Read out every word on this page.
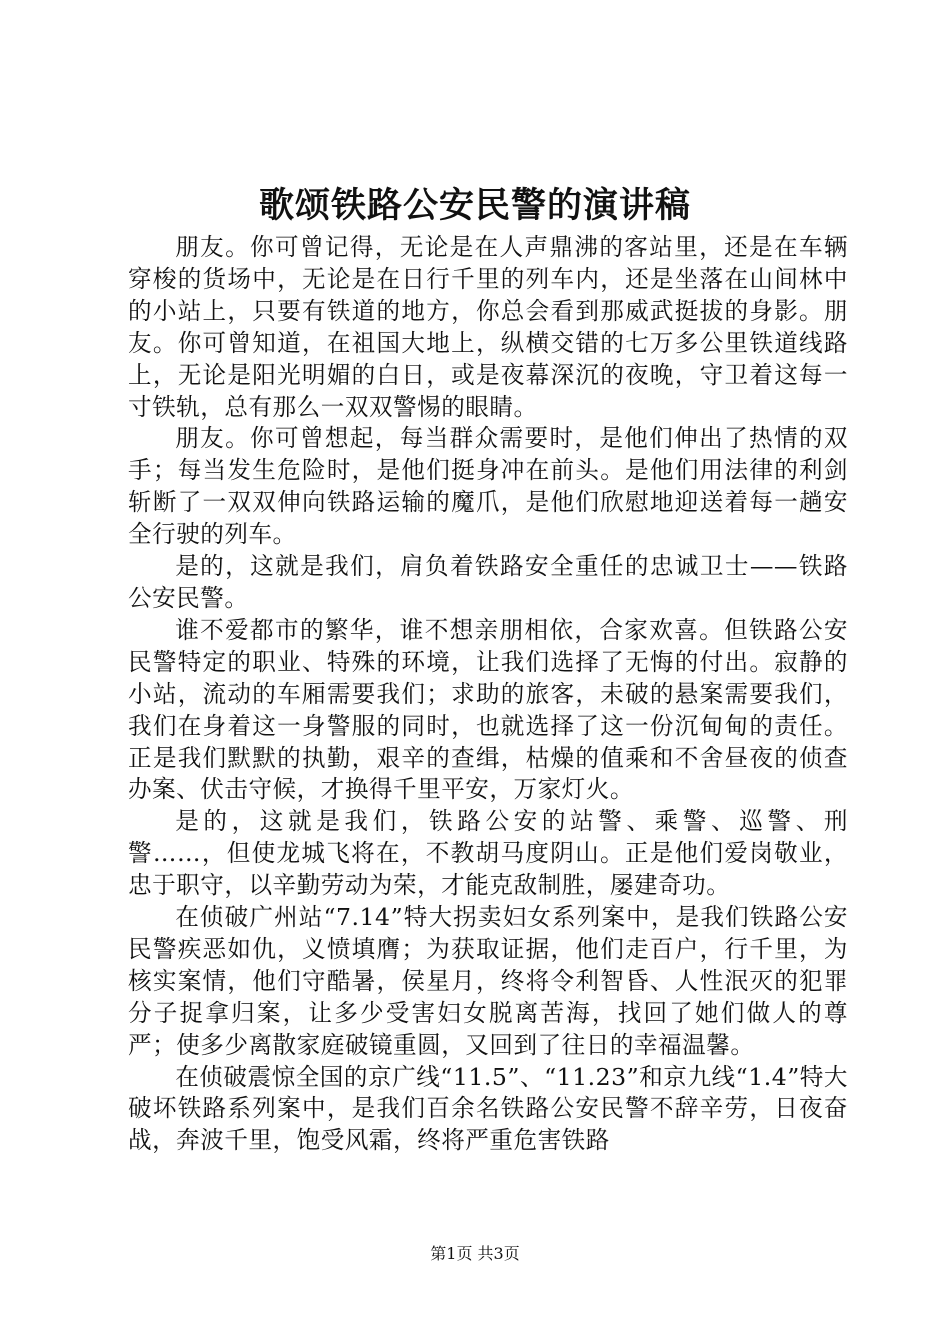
歌颂铁路公安民警的演讲稿

朋友。你可曾记得，无论是在人声鼎沸的客站里，还是在车辆穿梭的货场中，无论是在日行千里的列车内，还是坐落在山间林中的小站上，只要有铁道的地方，你总会看到那威武挺拔的身影。朋友。你可曾知道，在祖国大地上，纵横交错的七万多公里铁道线路上，无论是阳光明媚的白日，或是夜幕深沉的夜晚，守卫着这每一寸铁轨，总有那么一双双警惕的眼睛。

朋友。你可曾想起，每当群众需要时，是他们伸出了热情的双手；每当发生危险时，是他们挺身冲在前头。是他们用法律的利剑斩断了一双双伸向铁路运输的魔爪，是他们欣慰地迎送着每一趟安全行驶的列车。

是的，这就是我们，肩负着铁路安全重任的忠诚卫士——铁路公安民警。

谁不爱都市的繁华，谁不想亲朋相依，合家欢喜。但铁路公安民警特定的职业、特殊的环境，让我们选择了无悔的付出。寂静的小站，流动的车厢需要我们；求助的旅客，未破的悬案需要我们，我们在身着这一身警服的同时，也就选择了这一份沉甸甸的责任。正是我们默默的执勤，艰辛的查缉，枯燥的值乘和不舍昼夜的侦查办案、伏击守候，才换得千里平安，万家灯火。

是的，这就是我们，铁路公安的站警、乘警、巡警、刑警……，但使龙城飞将在，不教胡马度阴山。正是他们爱岗敬业，忠于职守，以辛勤劳动为荣，才能克敌制胜，屡建奇功。

在侦破广州站“7.14”特大拐卖妇女系列案中，是我们铁路公安民警疾恶如仇，义愤填膺；为获取证据，他们走百户，行千里，为核实案情，他们守酷暑，侯星月，终将令利智昏、人性泯灭的犯罪分子捉拿归案，让多少受害妇女脱离苦海，找回了她们做人的尊严；使多少离散家庭破镜重圆，又回到了往日的幸福温馨。

在侦破震惊全国的京广线“11.5”、“11.23”和京九线“1.4”特大破坏铁路系列案中，是我们百余名铁路公安民警不辞辛劳，日夜奋战，奔波千里，饱受风霜，终将严重危害铁路

第1页 共3页
